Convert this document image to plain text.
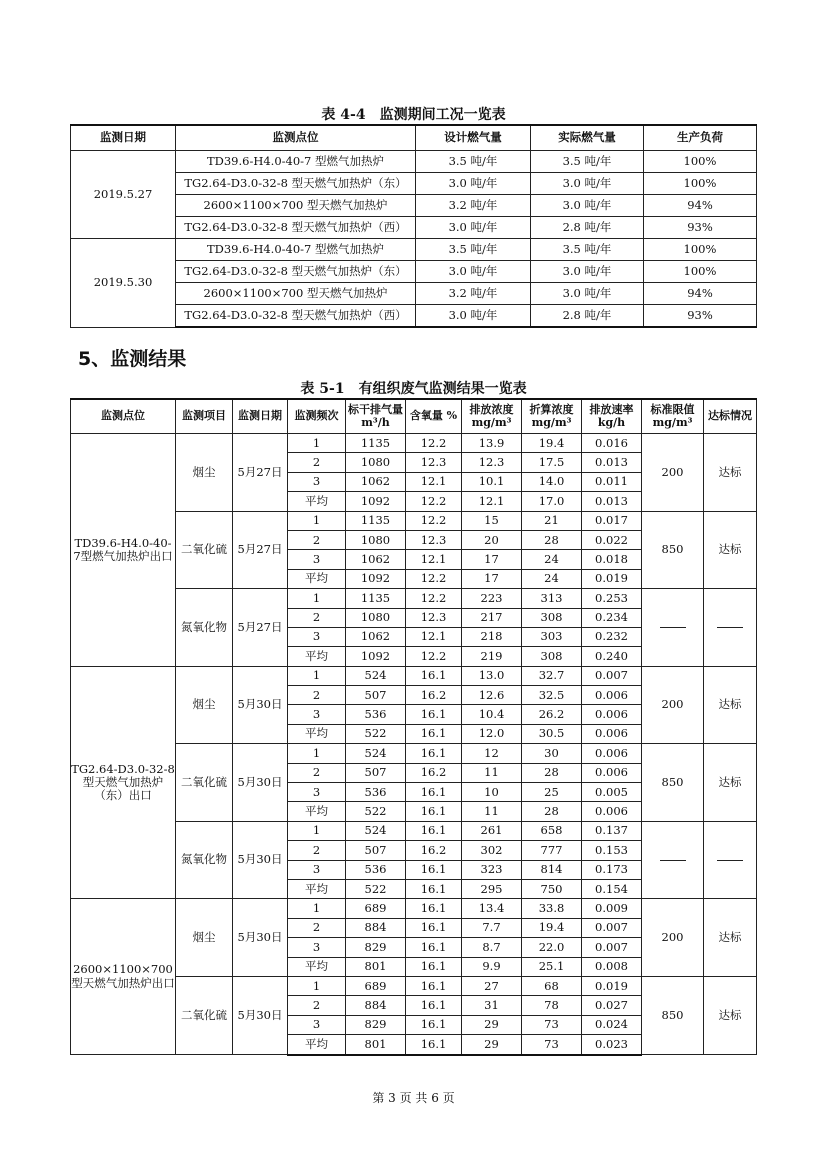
表 4-4　监测期间工况一览表
监测日期	监测点位	设计燃气量	实际燃气量	生产负荷
2019.5.27	TD39.6-H4.0-40-7 型燃气加热炉	3.5 吨/年	3.5 吨/年	100%
	TG2.64-D3.0-32-8 型天燃气加热炉（东）	3.0 吨/年	3.0 吨/年	100%
	2600×1100×700 型天燃气加热炉	3.2 吨/年	3.0 吨/年	94%
	TG2.64-D3.0-32-8 型天燃气加热炉（西）	3.0 吨/年	2.8 吨/年	93%
2019.5.30	TD39.6-H4.0-40-7 型燃气加热炉	3.5 吨/年	3.5 吨/年	100%
	TG2.64-D3.0-32-8 型天燃气加热炉（东）	3.0 吨/年	3.0 吨/年	100%
	2600×1100×700 型天燃气加热炉	3.2 吨/年	3.0 吨/年	94%
	TG2.64-D3.0-32-8 型天燃气加热炉（西）	3.0 吨/年	2.8 吨/年	93%
5、监测结果
表 5-1　有组织废气监测结果一览表
监测点位	监测项目	监测日期	监测频次	标干排气量 m³/h	含氧量 %	排放浓度 mg/m³	折算浓度 mg/m³	排放速率 kg/h	标准限值 mg/m³	达标情况
TD39.6-H4.0-40-7型燃气加热炉出口	烟尘	5月27日	1	1135	12.2	13.9	19.4	0.016	200	达标
			2	1080	12.3	12.3	17.5	0.013		
			3	1062	12.1	10.1	14.0	0.011		
			平均	1092	12.2	12.1	17.0	0.013		
	二氧化硫	5月27日	1	1135	12.2	15	21	0.017	850	达标
			2	1080	12.3	20	28	0.022		
			3	1062	12.1	17	24	0.018		
			平均	1092	12.2	17	24	0.019		
	氮氧化物	5月27日	1	1135	12.2	223	313	0.253		
			2	1080	12.3	217	308	0.234		
			3	1062	12.1	218	303	0.232		
			平均	1092	12.2	219	308	0.240		
TG2.64-D3.0-32-8型天燃气加热炉（东）出口	烟尘	5月30日	1	524	16.1	13.0	32.7	0.007	200	达标
			2	507	16.2	12.6	32.5	0.006		
			3	536	16.1	10.4	26.2	0.006		
			平均	522	16.1	12.0	30.5	0.006		
	二氧化硫	5月30日	1	524	16.1	12	30	0.006	850	达标
			2	507	16.2	11	28	0.006		
			3	536	16.1	10	25	0.005		
			平均	522	16.1	11	28	0.006		
	氮氧化物	5月30日	1	524	16.1	261	658	0.137		
			2	507	16.2	302	777	0.153		
			3	536	16.1	323	814	0.173		
			平均	522	16.1	295	750	0.154		
2600×1100×700 型天燃气加热炉出口	烟尘	5月30日	1	689	16.1	13.4	33.8	0.009	200	达标
			2	884	16.1	7.7	19.4	0.007		
			3	829	16.1	8.7	22.0	0.007		
			平均	801	16.1	9.9	25.1	0.008		
	二氧化硫	5月30日	1	689	16.1	27	68	0.019	850	达标
			2	884	16.1	31	78	0.027		
			3	829	16.1	29	73	0.024		
			平均	801	16.1	29	73	0.023		
第 3 页 共 6 页
